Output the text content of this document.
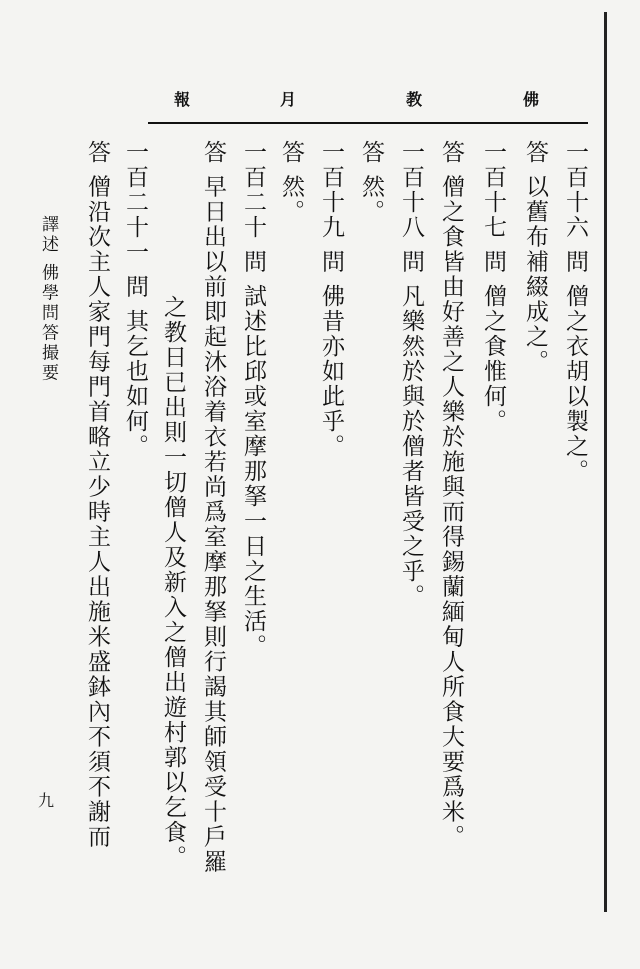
佛
教
月
報
一百十六 問 僧之衣胡以製之。
答 以舊布補綴成之。
一百十七 問 僧之食惟何。
答 僧之食皆由好善之人樂於施與而得錫蘭緬甸人所食大要爲米。
一百十八 問 凡樂然於與於僧者皆受之乎。
答 然。
一百十九 問 佛昔亦如此乎。
答 然。
一百二十 問 試述比邱或室摩那拏一日之生活。
答 早日出以前即起沐浴着衣若尚爲室摩那拏則行謁其師領受十戶羅
之教日已出則一切僧人及新入之僧出遊村郭以乞食。
一百二十一 問 其乞也如何。
答 僧沿次主人家門每門首略立少時主人出施米盛鉢內不須不謝而
譯述 佛學問答撮要
九
